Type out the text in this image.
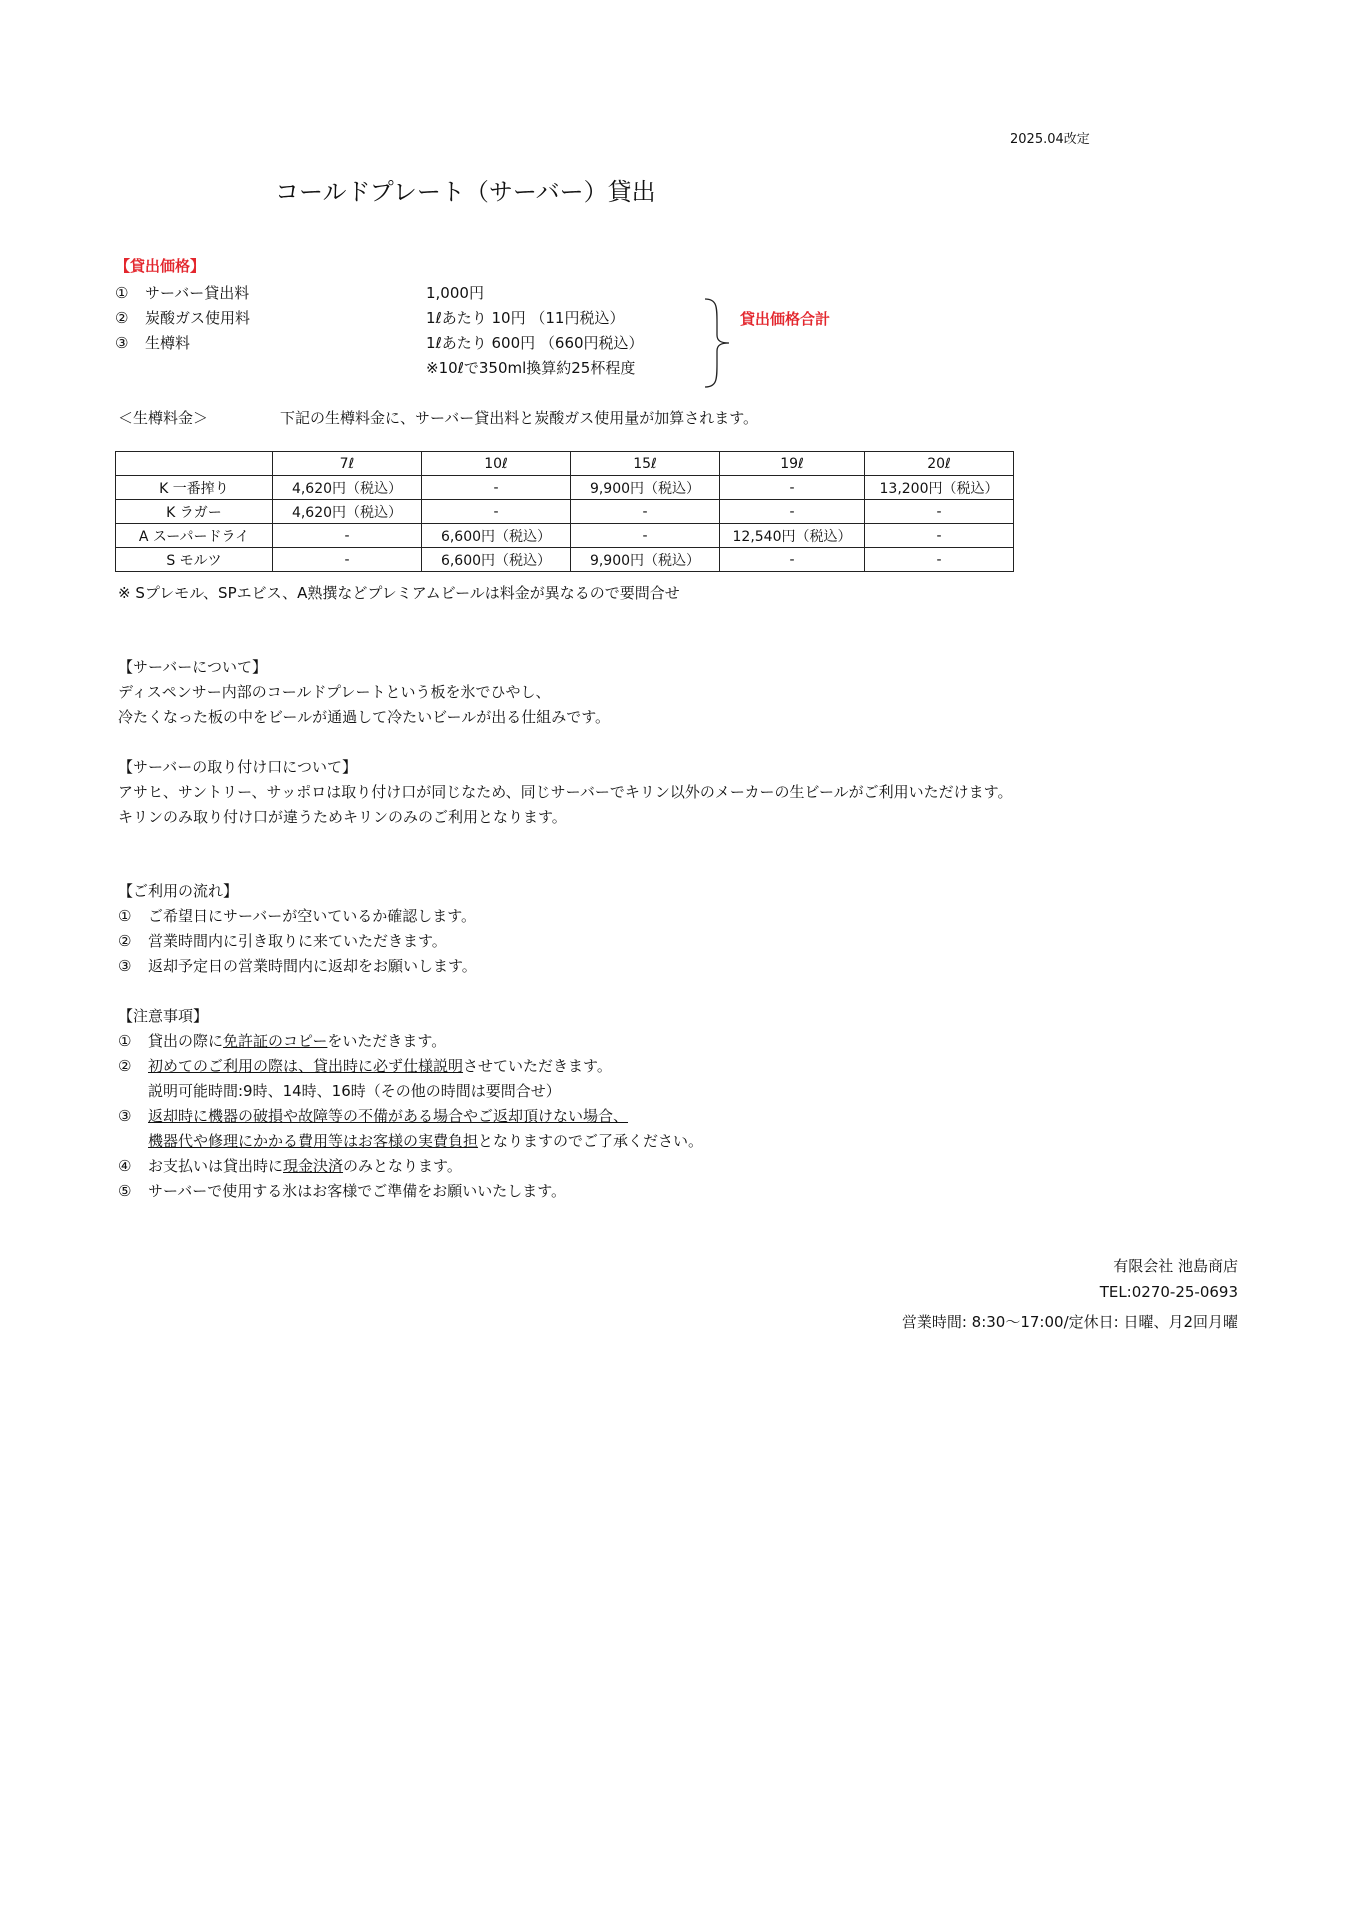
2025.04改定
コールドプレート（サーバー）貸出
【貸出価格】
① サーバー貸出料	1,000円
② 炭酸ガス使用料	1ℓあたり 10円 （11円税込）
③ 生樽料	1ℓあたり 600円 （660円税込）
※10ℓで350ml換算約25杯程度
貸出価格合計
＜生樽料金＞	下記の生樽料金に、サーバー貸出料と炭酸ガス使用量が加算されます。
	7ℓ	10ℓ	15ℓ	19ℓ	20ℓ
K 一番搾り	4,620円（税込）	-	9,900円（税込）	-	13,200円（税込）
K ラガー	4,620円（税込）	-	-	-	-
A スーパードライ	-	6,600円（税込）	-	12,540円（税込）	-
S モルツ	-	6,600円（税込）	9,900円（税込）	-	-
※ Sプレモル、SPエビス、A熟撰などプレミアムビールは料金が異なるので要問合せ
【サーバーについて】
ディスペンサー内部のコールドプレートという板を氷でひやし、
冷たくなった板の中をビールが通過して冷たいビールが出る仕組みです。
【サーバーの取り付け口について】
アサヒ、サントリー、サッポロは取り付け口が同じなため、同じサーバーでキリン以外のメーカーの生ビールがご利用いただけます。
キリンのみ取り付け口が違うためキリンのみのご利用となります。
【ご利用の流れ】
① ご希望日にサーバーが空いているか確認します。
② 営業時間内に引き取りに来ていただきます。
③ 返却予定日の営業時間内に返却をお願いします。
【注意事項】
① 貸出の際に免許証のコピーをいただきます。
② 初めてのご利用の際は、貸出時に必ず仕様説明させていただきます。
説明可能時間:9時、14時、16時（その他の時間は要問合せ）
③ 返却時に機器の破損や故障等の不備がある場合やご返却頂けない場合、
機器代や修理にかかる費用等はお客様の実費負担となりますのでご了承ください。
④ お支払いは貸出時に現金決済のみとなります。
⑤ サーバーで使用する氷はお客様でご準備をお願いいたします。
有限会社 池島商店
TEL:0270-25-0693
営業時間: 8:30〜17:00/定休日: 日曜、月2回月曜
